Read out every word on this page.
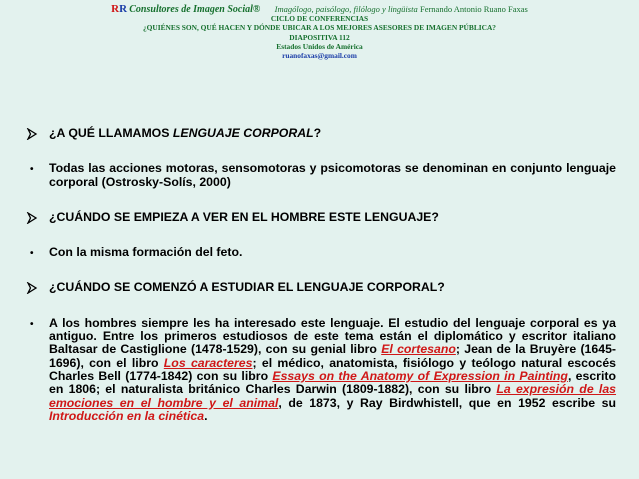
RR Consultores de Imagen Social® Imagólogo, paisólogo, filólogo y lingüista Fernando Antonio Ruano Faxas
CICLO DE CONFERENCIAS
¿QUIÉNES SON, QUÉ HACEN Y DÓNDE UBICAR A LOS MEJORES ASESORES DE IMAGEN PÚBLICA?
DIAPOSITIVA 112
Estados Unidos de América
ruanofaxas@gmail.com
¿A QUÉ LLAMAMOS LENGUAJE CORPORAL?
•	Todas las acciones motoras, sensomotoras y psicomotoras se denominan en conjunto lenguaje corporal (Ostrosky-Solís, 2000)
¿CUÁNDO SE EMPIEZA A VER EN EL HOMBRE ESTE LENGUAJE?
•	Con la misma formación del feto.
¿CUÁNDO SE COMENZÓ A ESTUDIAR EL LENGUAJE CORPORAL?
•	A los hombres siempre les ha interesado este lenguaje. El estudio del lenguaje corporal es ya antiguo. Entre los primeros estudiosos de este tema están el diplomático y escritor italiano Baltasar de Castiglione (1478-1529), con su genial libro El cortesano; Jean de la Bruyère (1645-1696), con el libro Los caracteres; el médico, anatomista, fisiólogo y teólogo natural escocés Charles Bell (1774-1842) con su libro Essays on the Anatomy of Expression in Painting, escrito en 1806; el naturalista británico Charles Darwin (1809-1882), con su libro La expresión de las emociones en el hombre y el animal, de 1873, y Ray Birdwhistell, que en 1952 escribe su Introducción en la cinética.
